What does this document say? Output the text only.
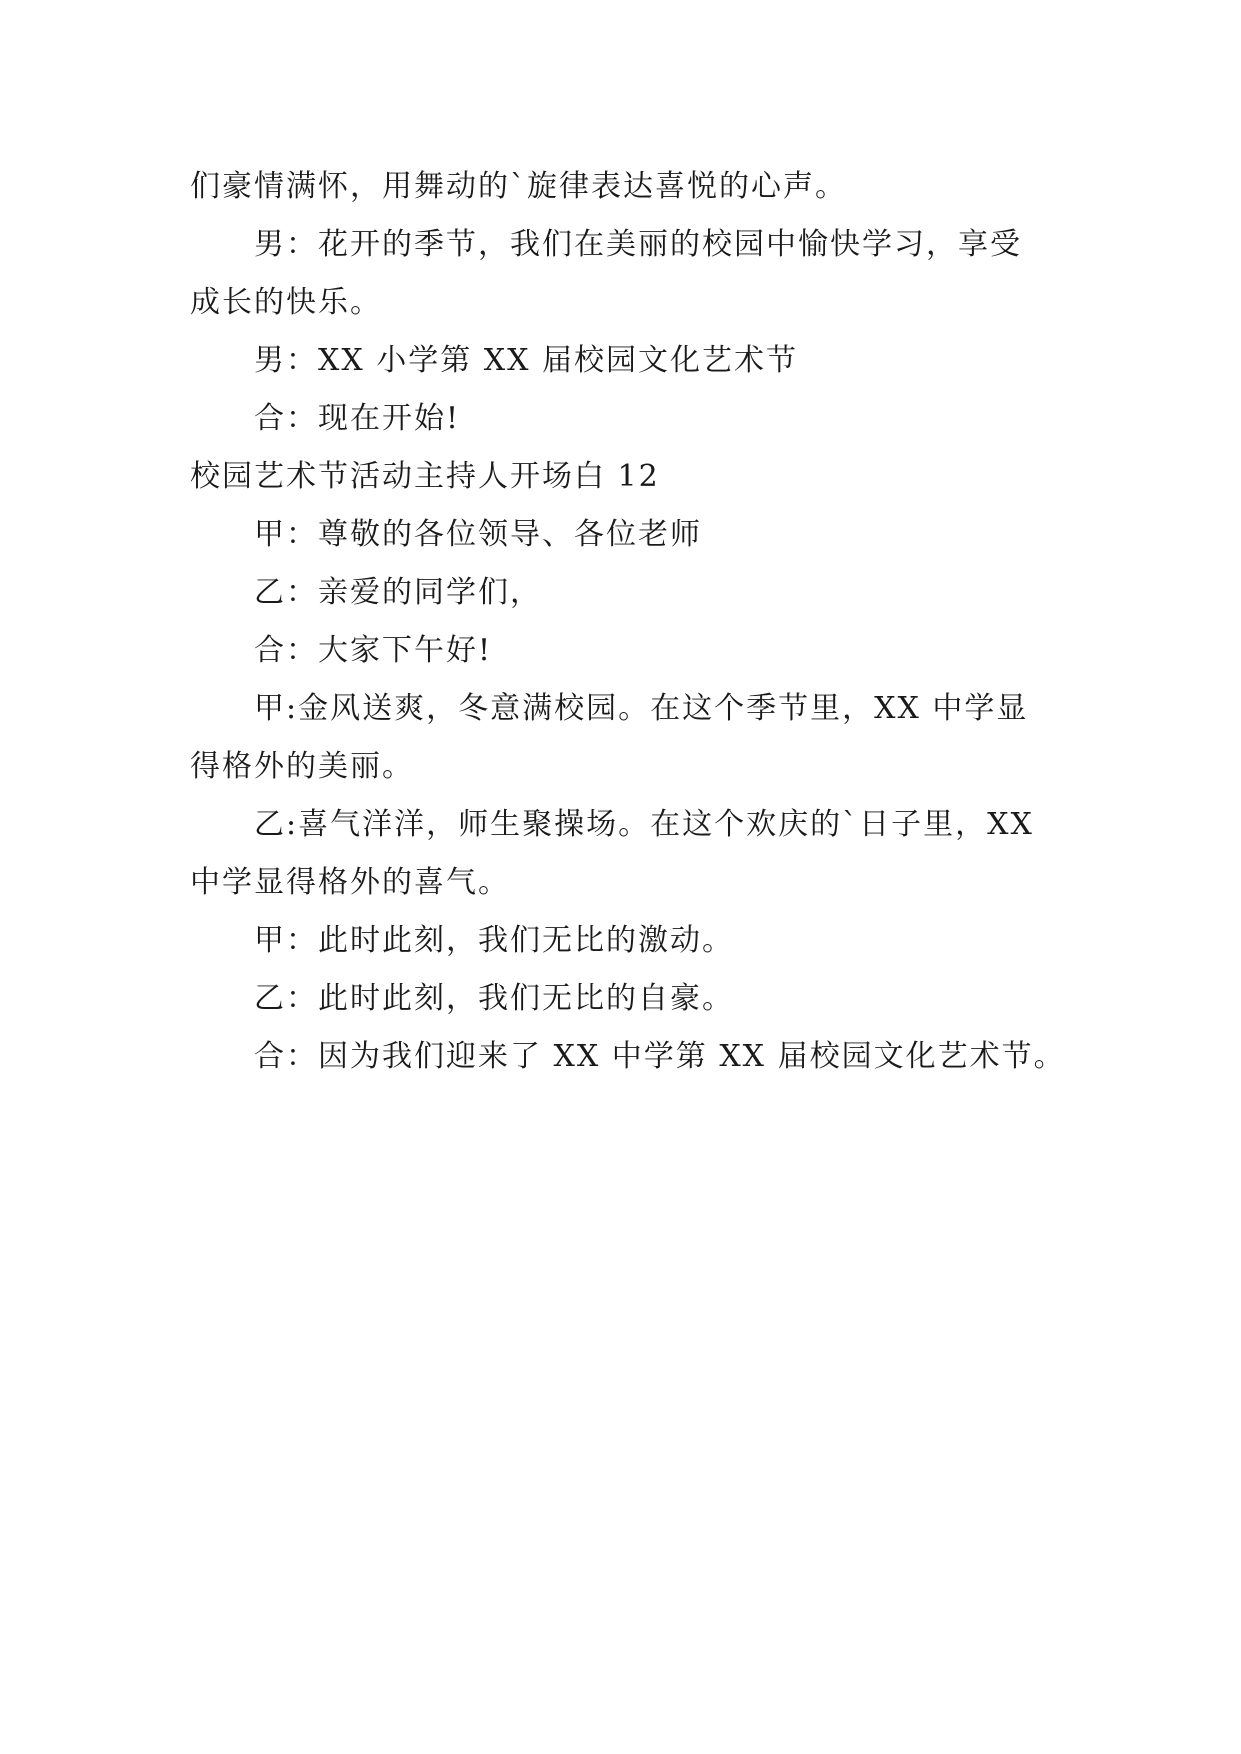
们豪情满怀，用舞动的`旋律表达喜悦的心声。
男：花开的季节，我们在美丽的校园中愉快学习，享受
成长的快乐。
男：XX 小学第 XX 届校园文化艺术节
合：现在开始!
校园艺术节活动主持人开场白 12
甲：尊敬的各位领导、各位老师
乙：亲爱的同学们，
合：大家下午好!
甲:金风送爽，冬意满校园。在这个季节里，XX 中学显
得格外的美丽。
乙:喜气洋洋，师生聚操场。在这个欢庆的`日子里，XX
中学显得格外的喜气。
甲：此时此刻，我们无比的激动。
乙：此时此刻，我们无比的自豪。
合：因为我们迎来了 XX 中学第 XX 届校园文化艺术节。
